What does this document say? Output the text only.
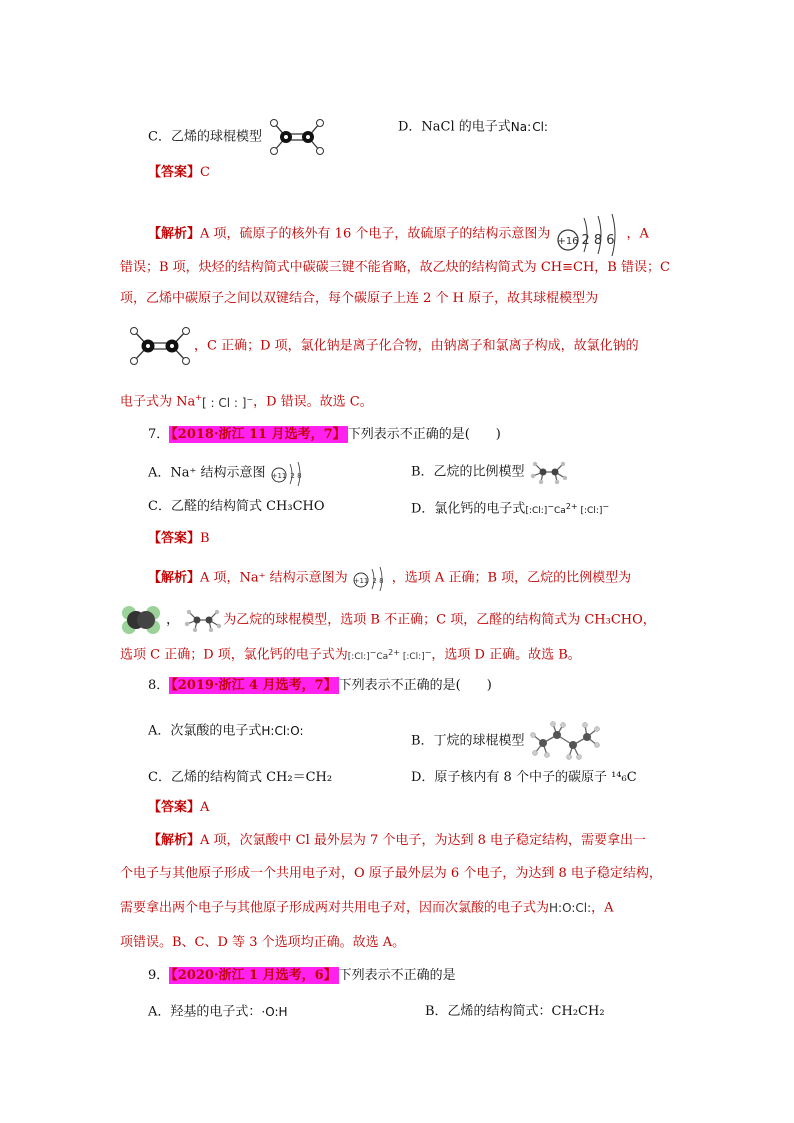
C．乙烯的球棍模型
D．NaCl 的电子式Na:Cl:
【答案】C
【解析】A 项，硫原子的核外有 16 个电子，故硫原子的结构示意图为 +16 2 8 6 ，A
错误；B 项，炔烃的结构简式中碳碳三键不能省略，故乙炔的结构简式为 CH≡CH，B 错误；C
项，乙烯中碳原子之间以双键结合，每个碳原子上连 2 个 H 原子，故其球棍模型为
，C 正确；D 项，氯化钠是离子化合物，由钠离子和氯离子构成，故氯化钠的
电子式为 Na+[ : Cl : ]−，D 错误。故选 C。
7． 【2018·浙江 11 月选考，7】 下列表示不正确的是(　　)
A．Na⁺ 结构示意图 +11 2 8	B．乙烷的比例模型
C．乙醛的结构简式 CH₃CHO	D．氯化钙的电子式$[:Cl:]^-Ca^{2+}$ [:Cl:]−
【答案】B
【解析】A 项，Na⁺ 结构示意图为 +11 2 8 ，选项 A 正确；B 项，乙烷的比例模型为
，	为乙烷的球棍模型，选项 B 不正确；C 项，乙醛的结构简式为 CH₃CHO，
选项 C 正确；D 项，氯化钙的电子式为$[:Cl:]^-Ca^{2+}$ [:Cl:]−，选项 D 正确。故选 B。
8． 【2019·浙江 4 月选考，7】 下列表示不正确的是(　　)
A．次氯酸的电子式H:Cl:O:
B．丁烷的球棍模型
C．乙烯的结构简式 CH₂＝CH₂	D．原子核内有 8 个中子的碳原子 ¹⁴₆C
【答案】A
【解析】A 项，次氯酸中 Cl 最外层为 7 个电子，为达到 8 电子稳定结构，需要拿出一
个电子与其他原子形成一个共用电子对，O 原子最外层为 6 个电子，为达到 8 电子稳定结构，
需要拿出两个电子与其他原子形成两对共用电子对，因而次氯酸的电子式为H:O:Cl:，A
项错误。B、C、D 等 3 个选项均正确。故选 A。
9． 【2020·浙江 1 月选考，6】 下列表示不正确的是
A．羟基的电子式：·O:H	B．乙烯的结构简式：CH₂CH₂
